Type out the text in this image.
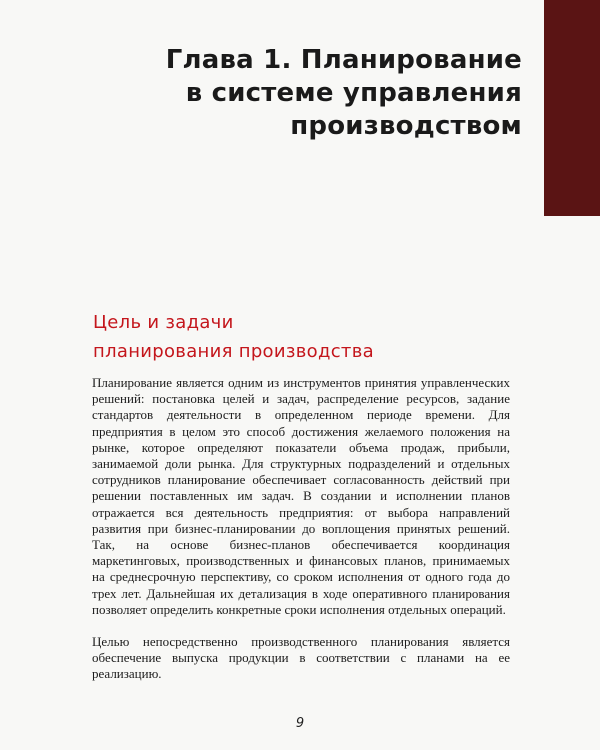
Глава 1. Планирование
в системе управления
производством
Цель и задачи
планирования производства

Планирование является одним из инструментов принятия управленческих решений: постановка целей и задач, распределение ресурсов, задание стандартов деятельности в определенном периоде времени. Для предприятия в целом это способ достижения желаемого положения на рынке, которое определяют показатели объема продаж, прибыли, занимаемой доли рынка. Для структурных подразделений и отдельных сотрудников планирование обеспечивает согласованность действий при решении поставленных им задач. В создании и исполнении планов отражается вся деятельность предприятия: от выбора направлений развития при бизнес-планировании до воплощения принятых решений. Так, на основе бизнес-планов обеспечивается координация маркетинговых, производственных и финансовых планов, принимаемых на среднесрочную перспективу, со сроком исполнения от одного года до трех лет. Дальнейшая их детализация в ходе оперативного планирования позволяет определить конкретные сроки исполнения отдельных операций.

Целью непосредственно производственного планирования является обеспечение выпуска продукции в соответствии с планами на ее реализацию.

9
